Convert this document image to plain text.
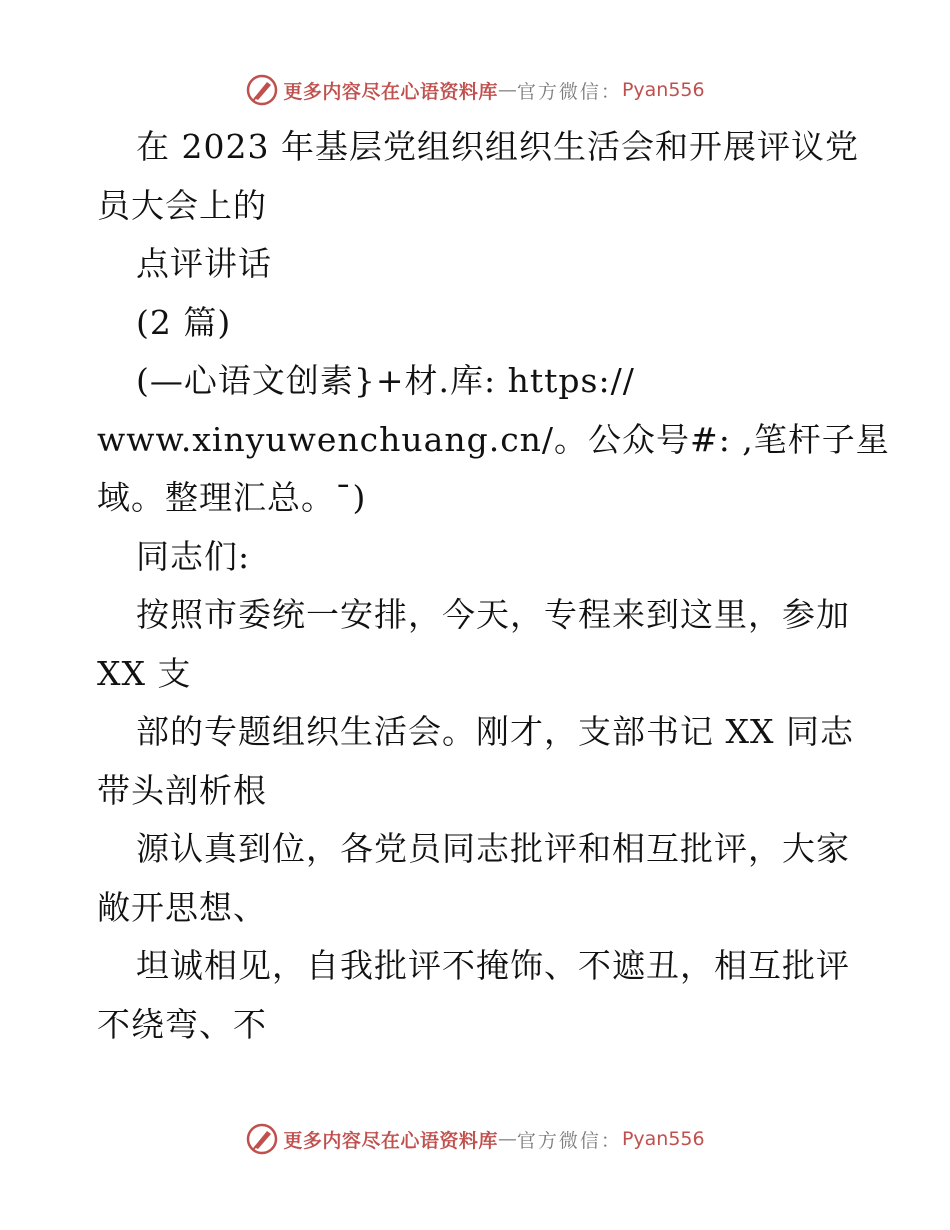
更多内容尽在心语资料库 — 官方微信： Pyan556
在 2023 年基层党组织组织生活会和开展评议党
员大会上的
点评讲话
(2 篇)
(—心语文创素}+材.库: https://
www.xinyuwenchuang.cn/。公众号#: ,笔杆子星
域。整理汇总。¯)
同志们:
按照市委统一安排，今天，专程来到这里，参加
XX 支
部的专题组织生活会。刚才，支部书记 XX 同志
带头剖析根
源认真到位，各党员同志批评和相互批评，大家
敞开思想、
坦诚相见，自我批评不掩饰、不遮丑，相互批评
不绕弯、不
更多内容尽在心语资料库 — 官方微信： Pyan556
